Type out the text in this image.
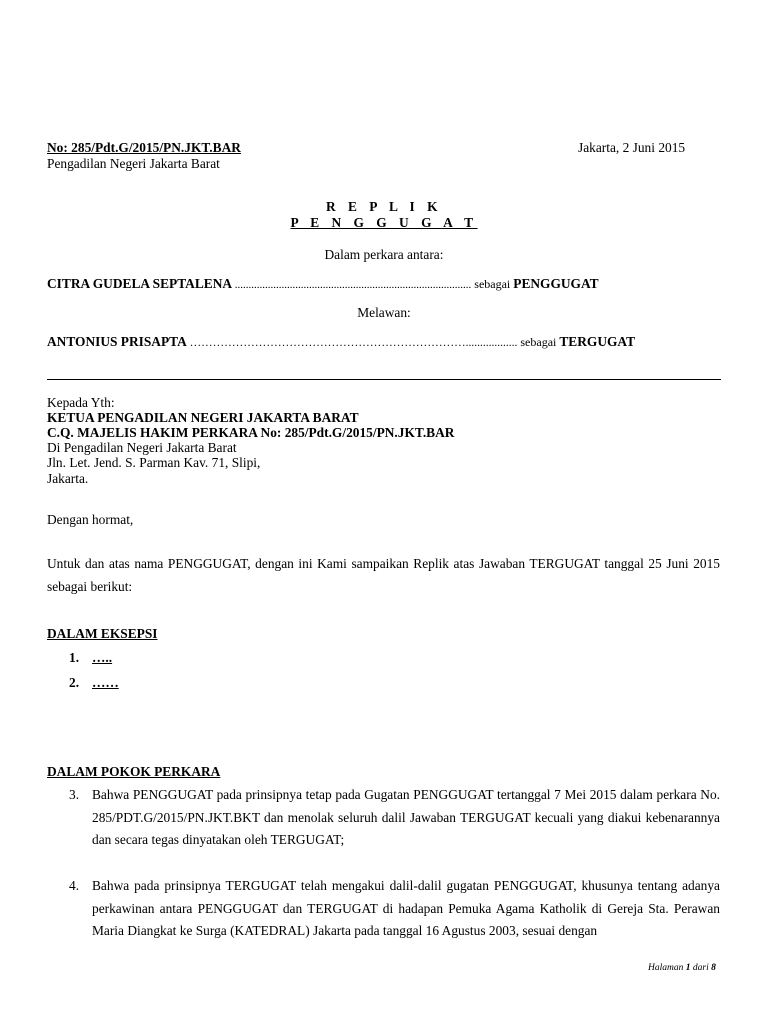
No: 285/Pdt.G/2015/PN.JKT.BAR
Pengadilan Negeri Jakarta Barat
Jakarta, 2 Juni 2015
R E P L I K
P E N G G U G A T
Dalam perkara antara:
CITRA GUDELA SEPTALENA ...................................................................................... sebagai PENGGUGAT
Melawan:
ANTONIUS PRISAPTA ……………………………………………………………….................. sebagai TERGUGAT
Kepada Yth:
KETUA PENGADILAN NEGERI JAKARTA BARAT
C.Q. MAJELIS HAKIM PERKARA No: 285/Pdt.G/2015/PN.JKT.BAR
Di Pengadilan Negeri Jakarta Barat
Jln. Let. Jend. S. Parman Kav. 71, Slipi,
Jakarta.
Dengan hormat,
Untuk dan atas nama PENGGUGAT, dengan ini Kami sampaikan Replik atas Jawaban TERGUGAT tanggal 25 Juni 2015 sebagai berikut:
DALAM EKSEPSI
1. …..
2. ……
DALAM POKOK PERKARA
3. Bahwa PENGGUGAT pada prinsipnya tetap pada Gugatan PENGGUGAT tertanggal 7 Mei 2015 dalam perkara No. 285/PDT.G/2015/PN.JKT.BKT dan menolak seluruh dalil Jawaban TERGUGAT kecuali yang diakui kebenarannya dan secara tegas dinyatakan oleh TERGUGAT;
4. Bahwa pada prinsipnya TERGUGAT telah mengakui dalil-dalil gugatan PENGGUGAT, khusunya tentang adanya perkawinan antara PENGGUGAT dan TERGUGAT di hadapan Pemuka Agama Katholik di Gereja Sta. Perawan Maria Diangkat ke Surga (KATEDRAL) Jakarta pada tanggal 16 Agustus 2003, sesuai dengan
Halaman 1 dari 8
